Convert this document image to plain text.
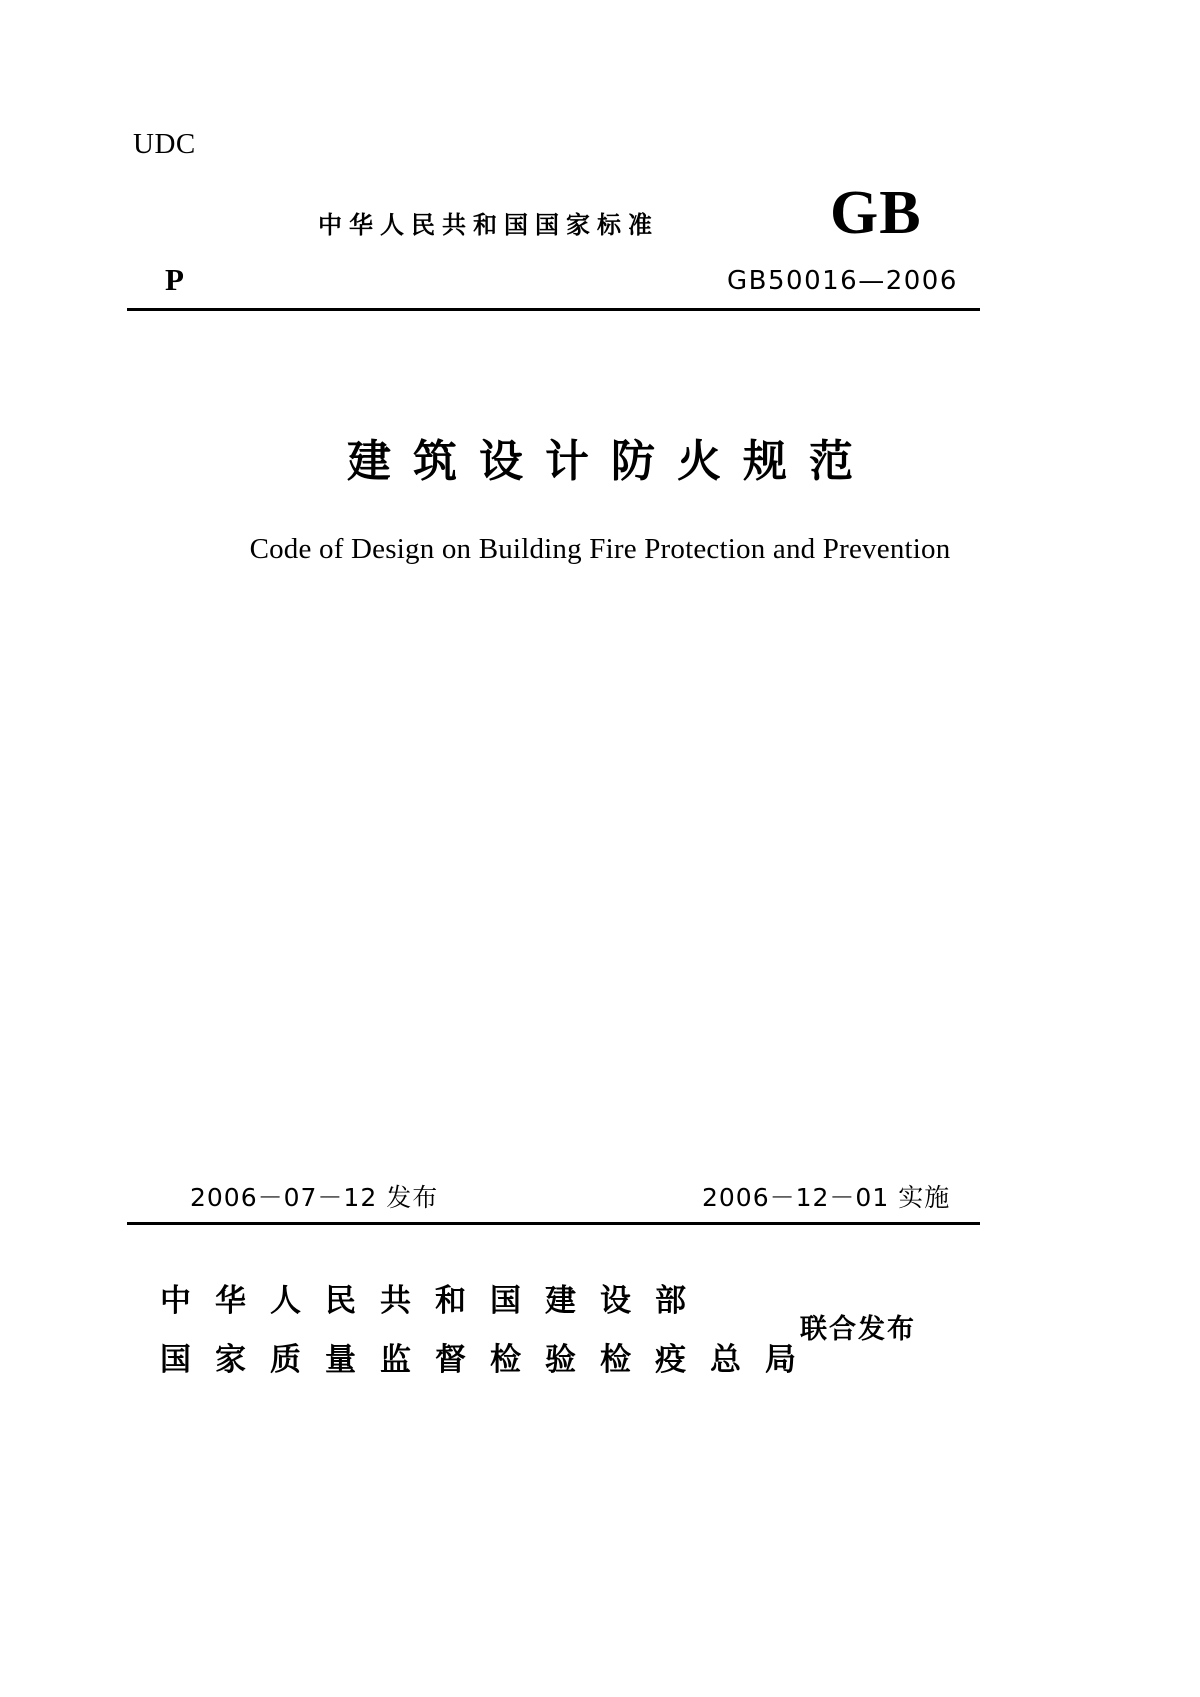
UDC
中华人民共和国国家标准	GB
P	GB50016—2006
建筑设计防火规范
Code of Design on Building Fire Protection and Prevention
2006－07－12 发布	2006－12－01 实施
中华人民共和国建设部
国家质量监督检验检疫总局
联合发布
